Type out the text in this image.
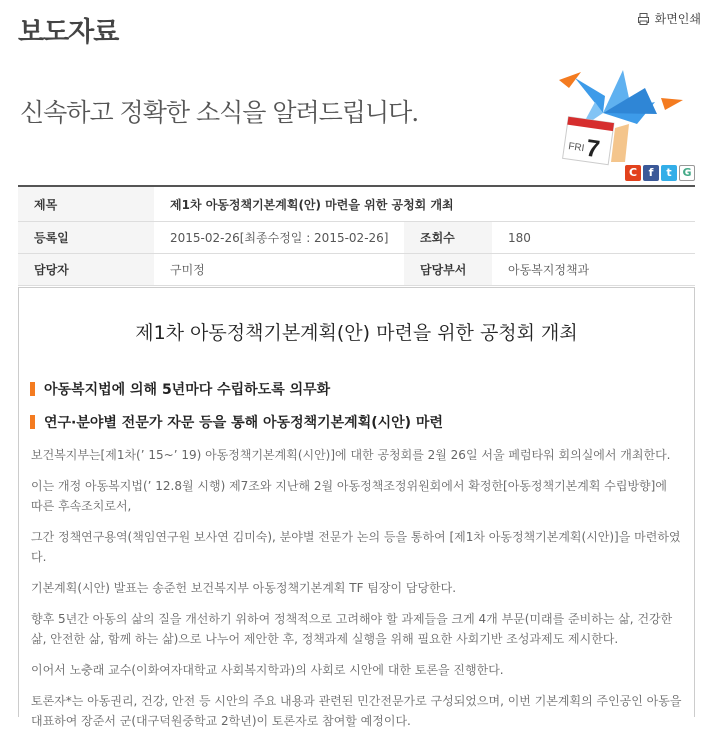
보도자료	화면인쇄
신속하고 정확한 소식을 알려드립니다.
FRI 7
C	f	t G
제목	제1차 아동정책기본계획(안) 마련을 위한 공청회 개최
등록일	2015-02-26[최종수정일 : 2015-02-26]	조회수	180
담당자	구미정	담당부서	아동복지정책과
제1차 아동정책기본계획(안) 마련을 위한 공청회 개최
아동복지법에 의해 5년마다 수립하도록 의무화
연구·분야별 전문가 자문 등을 통해 아동정책기본계획(시안) 마련

보건복지부는[제1차(’ 15~’ 19) 아동정책기본계획(시안)]에 대한 공청회를 2월 26일 서울 페럼타워 회의실에서 개최한다.

이는 개정 아동복지법(’ 12.8월 시행) 제7조와 지난해 2월 아동정책조정위원회에서 확정한[아동정책기본계획 수립방향]에 따른 후속조치로서,

그간 정책연구용역(책임연구원 보사연 김미숙), 분야별 전문가 논의 등을 통하여 [제1차 아동정책기본계획(시안)]을 마련하였다.

기본계획(시안) 발표는 송준헌 보건복지부 아동정책기본계획 TF 팀장이 담당한다.

향후 5년간 아동의 삶의 질을 개선하기 위하여 정책적으로 고려해야 할 과제들을 크게 4개 부문(미래를 준비하는 삶, 건강한 삶, 안전한 삶, 함께 하는 삶)으로 나누어 제안한 후, 정책과제 실행을 위해 필요한 사회기반 조성과제도 제시한다.

이어서 노충래 교수(이화여자대학교 사회복지학과)의 사회로 시안에 대한 토론을 진행한다.

토론자*는 아동권리, 건강, 안전 등 시안의 주요 내용과 관련된 민간전문가로 구성되었으며, 이번 기본계획의 주인공인 아동을 대표하여 장준서 군(대구덕원중학교 2학년)이 토론자로 참여할 예정이다.
